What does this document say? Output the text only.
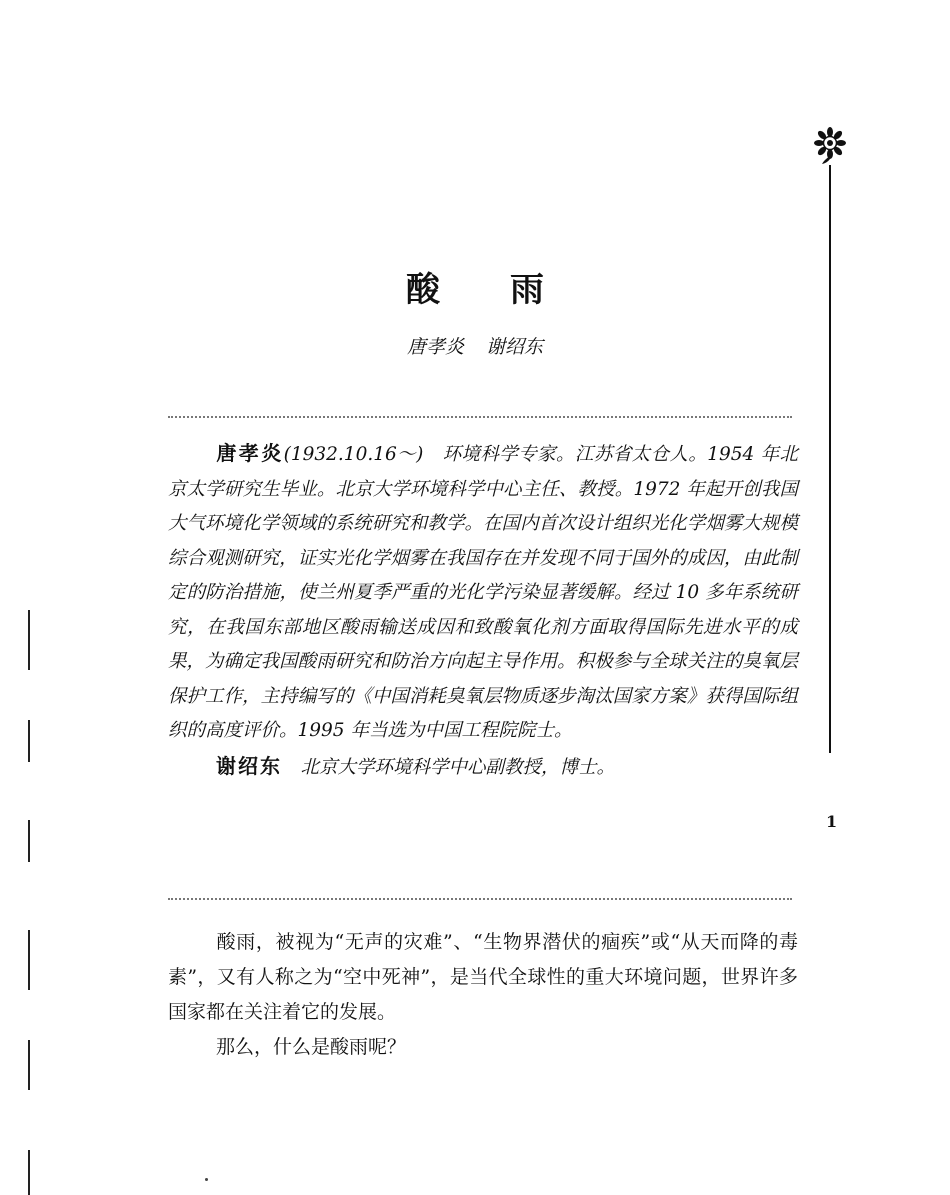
酸 雨
唐孝炎 谢绍东

唐孝炎(1932.10.16～)　环境科学专家。江苏省太仓人。1954 年北京太学研究生毕业。北京大学环境科学中心主任、教授。1972 年起开创我国大气环境化学领域的系统研究和教学。在国内首次设计组织光化学烟雾大规模综合观测研究，证实光化学烟雾在我国存在并发现不同于国外的成因，由此制定的防治措施，使兰州夏季严重的光化学污染显著缓解。经过 10 多年系统研究，在我国东部地区酸雨输送成因和致酸氧化剂方面取得国际先进水平的成果，为确定我国酸雨研究和防治方向起主导作用。积极参与全球关注的臭氧层保护工作，主持编写的《中国消耗臭氧层物质逐步淘汰国家方案》获得国际组织的高度评价。1995 年当选为中国工程院院士。

谢绍东　 北京大学环境科学中心副教授，博士。

酸雨，被视为“无声的灾难”、“生物界潜伏的痼疾”或“从天而降的毒素”，又有人称之为“空中死神”，是当代全球性的重大环境问题，世界许多国家都在关注着它的发展。

那么，什么是酸雨呢？

1
